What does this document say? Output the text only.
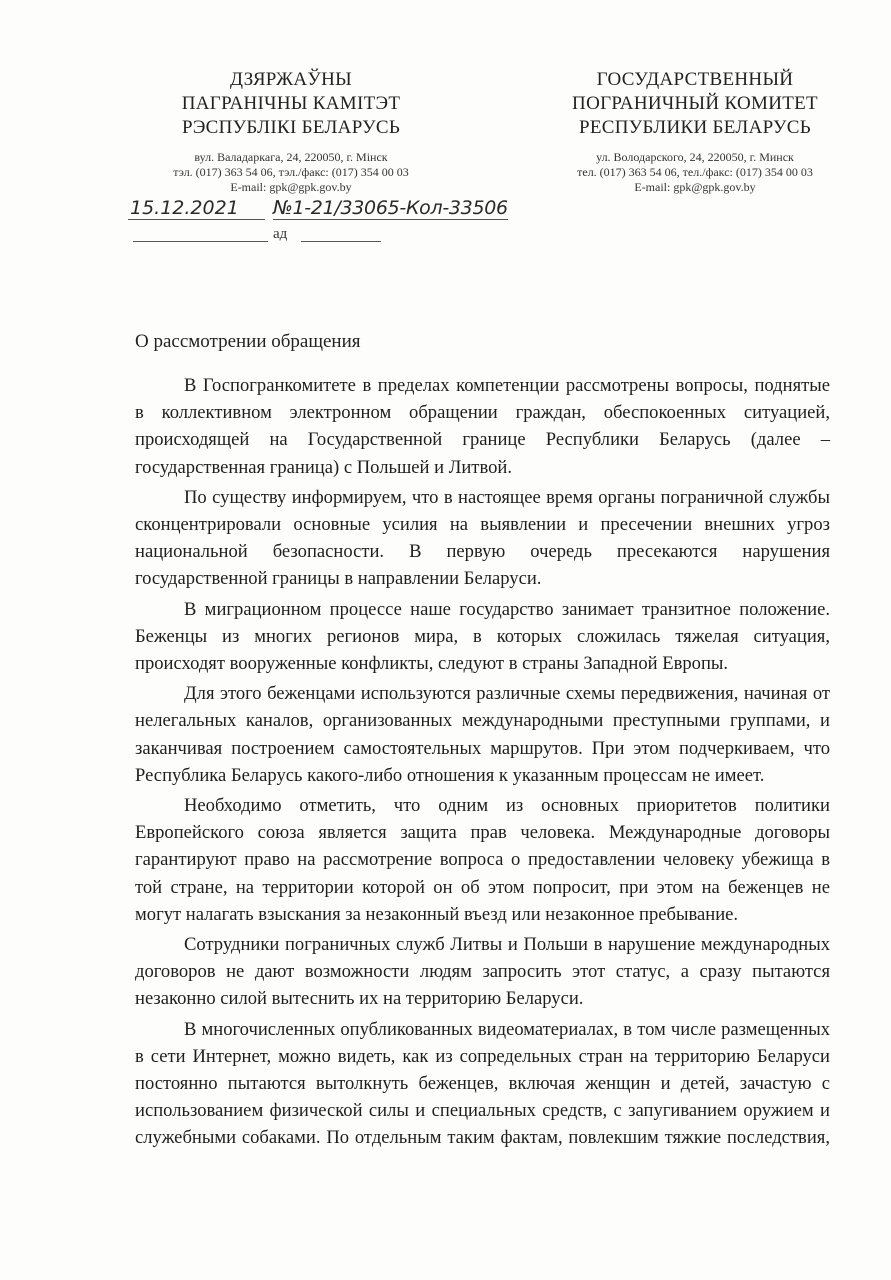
ДЗЯРЖАЎНЫ
ПАГРАНІЧНЫ КАМІТЭТ
РЭСПУБЛІКІ БЕЛАРУСЬ
вул. Валадаркага, 24, 220050, г. Мінск
тэл. (017) 363 54 06, тэл./факс: (017) 354 00 03
E-mail: gpk@gpk.gov.by
ГОСУДАРСТВЕННЫЙ
ПОГРАНИЧНЫЙ КОМИТЕТ
РЕСПУБЛИКИ БЕЛАРУСЬ
ул. Володарского, 24, 220050, г. Минск
тел. (017) 363 54 06, тел./факс: (017) 354 00 03
E-mail: gpk@gpk.gov.by
15.12.2021	№1-21/33065-Кол-33506
ад
О рассмотрении обращения

В Госпогранкомитете в пределах компетенции рассмотрены вопросы, поднятые в коллективном электронном обращении граждан, обеспокоенных ситуацией, происходящей на Государственной границе Республики Беларусь (далее – государственная граница) с Польшей и Литвой.

По существу информируем, что в настоящее время органы пограничной службы сконцентрировали основные усилия на выявлении и пресечении внешних угроз национальной безопасности. В первую очередь пресекаются нарушения государственной границы в направлении Беларуси.

В миграционном процессе наше государство занимает транзитное положение. Беженцы из многих регионов мира, в которых сложилась тяжелая ситуация, происходят вооруженные конфликты, следуют в страны Западной Европы.

Для этого беженцами используются различные схемы передвижения, начиная от нелегальных каналов, организованных международными преступными группами, и заканчивая построением самостоятельных маршрутов. При этом подчеркиваем, что Республика Беларусь какого-либо отношения к указанным процессам не имеет.

Необходимо отметить, что одним из основных приоритетов политики Европейского союза является защита прав человека. Международные договоры гарантируют право на рассмотрение вопроса о предоставлении человеку убежища в той стране, на территории которой он об этом попросит, при этом на беженцев не могут налагать взыскания за незаконный въезд или незаконное пребывание.

Сотрудники пограничных служб Литвы и Польши в нарушение международных договоров не дают возможности людям запросить этот статус, а сразу пытаются незаконно силой вытеснить их на территорию Беларуси.

В многочисленных опубликованных видеоматериалах, в том числе размещенных в сети Интернет, можно видеть, как из сопредельных стран на территорию Беларуси постоянно пытаются вытолкнуть беженцев, включая женщин и детей, зачастую с использованием физической силы и специальных средств, с запугиванием оружием и служебными собаками. По отдельным таким фактам, повлекшим тяжкие последствия,
